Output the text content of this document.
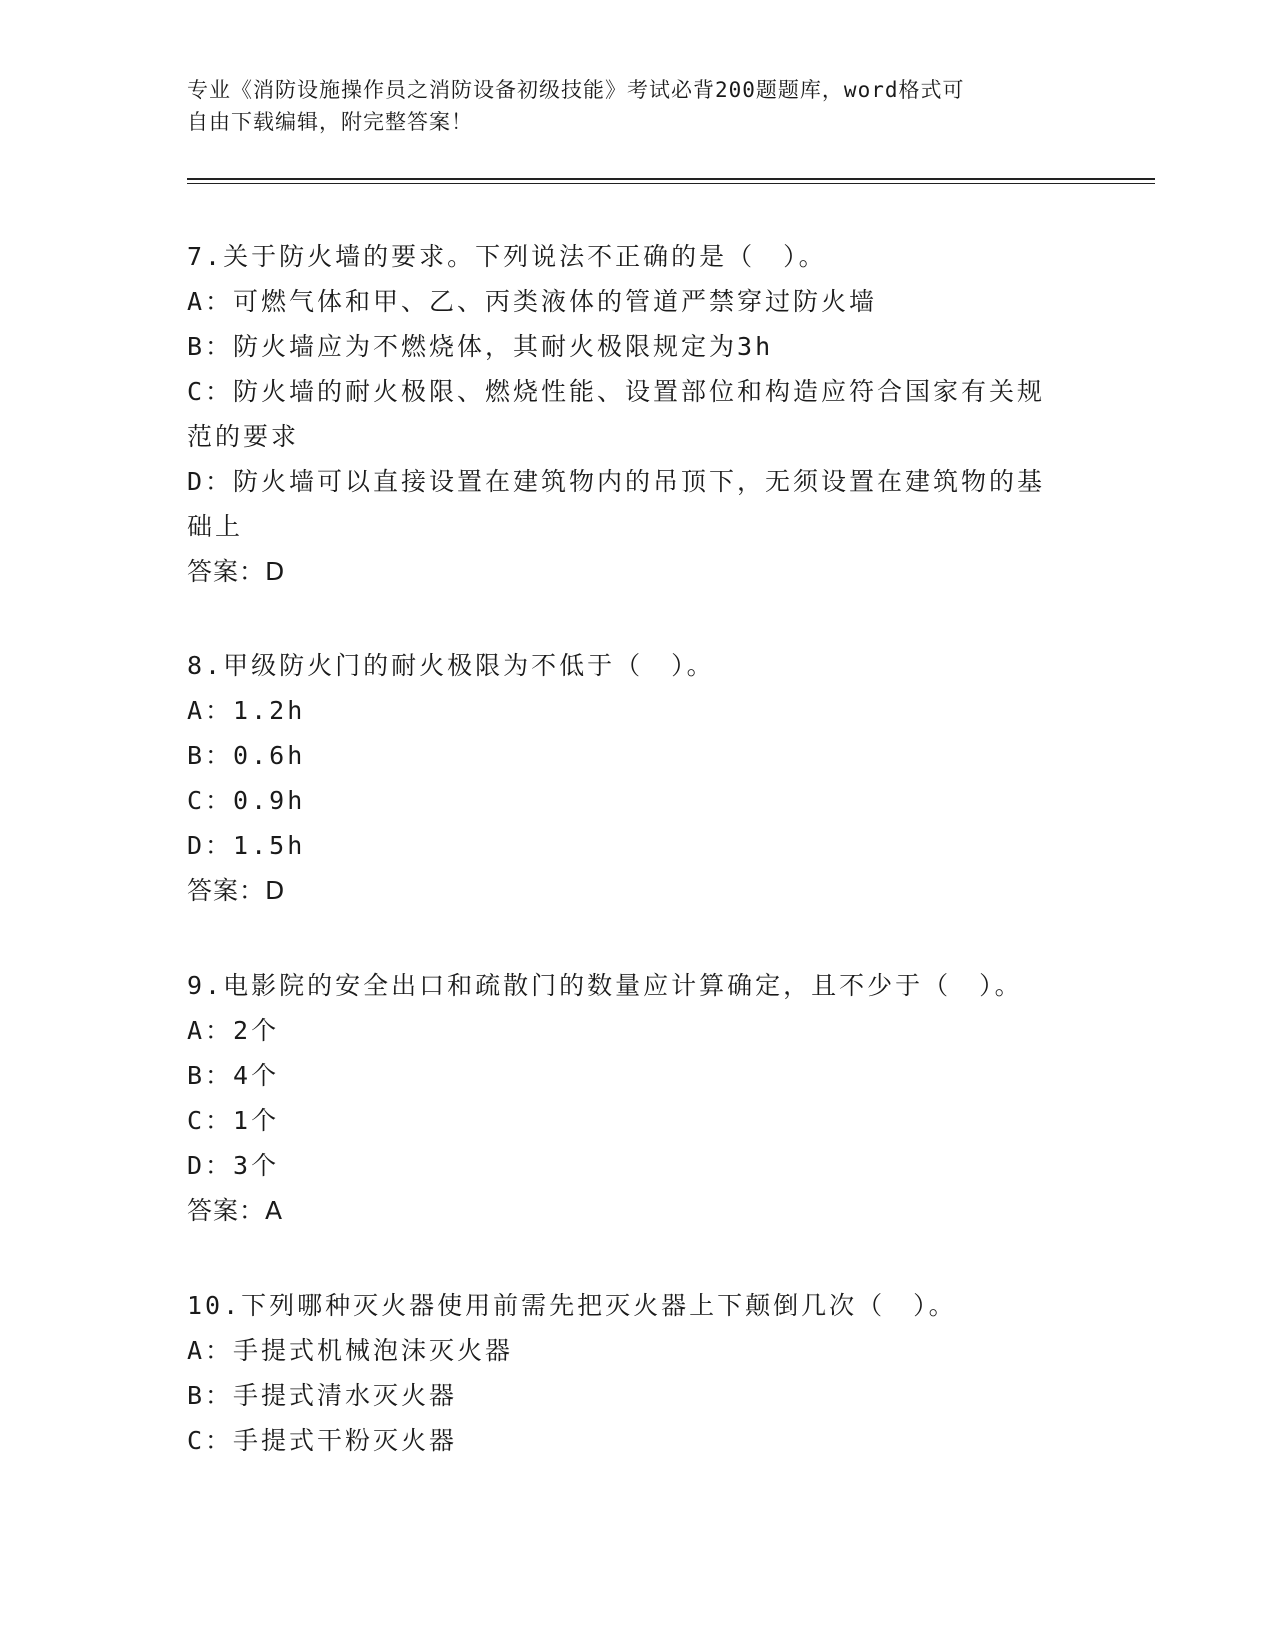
专业《消防设施操作员之消防设备初级技能》考试必背200题题库，word格式可
自由下载编辑，附完整答案！
7.关于防火墙的要求。下列说法不正确的是（　）。
A：可燃气体和甲、乙、丙类液体的管道严禁穿过防火墙
B：防火墙应为不燃烧体，其耐火极限规定为3h
C：防火墙的耐火极限、燃烧性能、设置部位和构造应符合国家有关规
范的要求
D：防火墙可以直接设置在建筑物内的吊顶下，无须设置在建筑物的基
础上
答案：D
8.甲级防火门的耐火极限为不低于（　）。
A：1.2h
B：0.6h
C：0.9h
D：1.5h
答案：D
9.电影院的安全出口和疏散门的数量应计算确定，且不少于（　）。
A：2个
B：4个
C：1个
D：3个
答案：A
10.下列哪种灭火器使用前需先把灭火器上下颠倒几次（　）。
A：手提式机械泡沫灭火器
B：手提式清水灭火器
C：手提式干粉灭火器
